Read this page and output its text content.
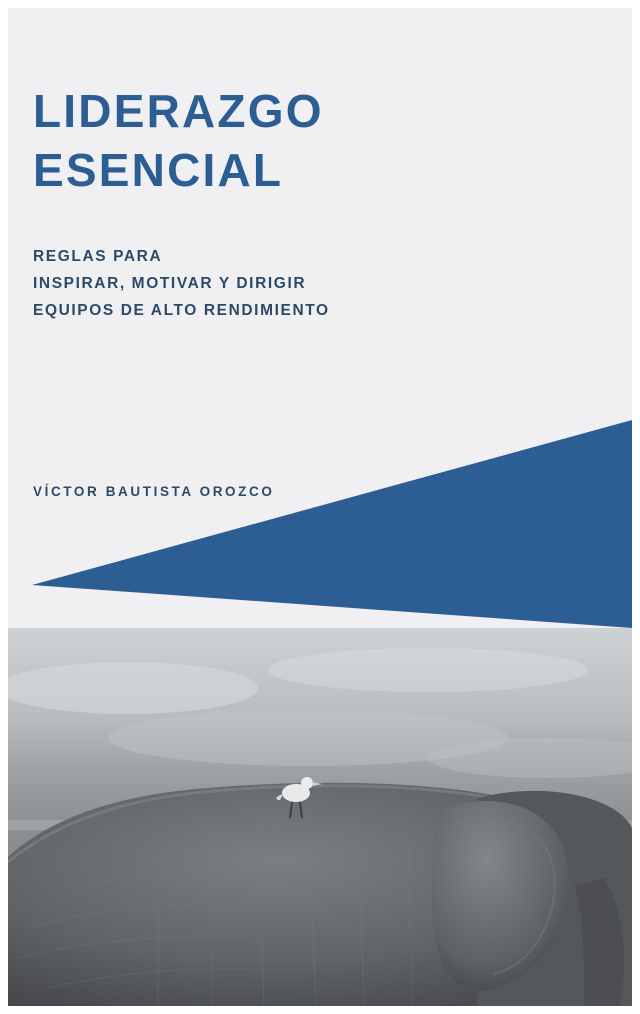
LIDERAZGO

ESENCIAL

REGLAS PARA

INSPIRAR, MOTIVAR Y DIRIGIR

EQUIPOS DE ALTO RENDIMIENTO

VÍCTOR BAUTISTA OROZCO
